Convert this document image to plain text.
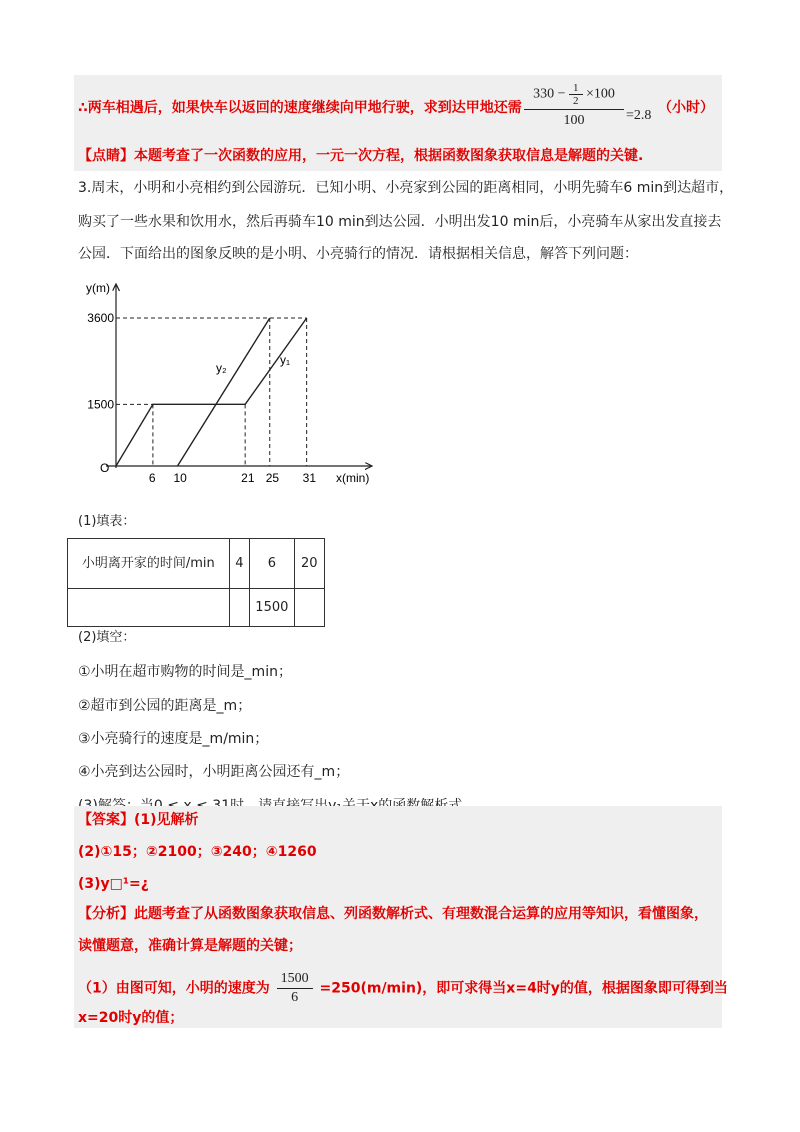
∴两车相遇后，如果快车以返回的速度继续向甲地行驶，求到达甲地还需
$330 - \frac{1}{2} \times 100$
100	=2.8 （小时）
【点睛】本题考查了一次函数的应用，一元一次方程，根据函数图象获取信息是解题的关键.
3.周末，小明和小亮相约到公园游玩．已知小明、小亮家到公园的距离相同，小明先骑车6 min到达超市，
购买了一些水果和饮用水，然后再骑车10 min到达公园．小明出发10 min后，小亮骑车从家出发直接去
公园．下面给出的图象反映的是小明、小亮骑行的情况．请根据相关信息，解答下列问题：
6 10	21 25 31
3600
1500
y(m)
x(min)
O
y₂
y₁
(1)填表：
小明离开家的时间/min	4	6	20
		1500	
(2)填空：
①小明在超市购物的时间是_min；
②超市到公园的距离是_m；
③小亮骑行的速度是_m/min；
④小亮到达公园时，小明距离公园还有_m；
【答案】(1)见解析
(2)①15；②2100；③240；④1260
(3)y□¹=¿
【分析】此题考查了从函数图象获取信息、列函数解析式、有理数混合运算的应用等知识，看懂图象，
读懂题意，准确计算是解题的关键；
（1）由图可知，小明的速度为 $\frac{1500}{6} =250(m/\min)$，即可求得当x=4时y的值，根据图象即可得到当
x=20时y的值；
